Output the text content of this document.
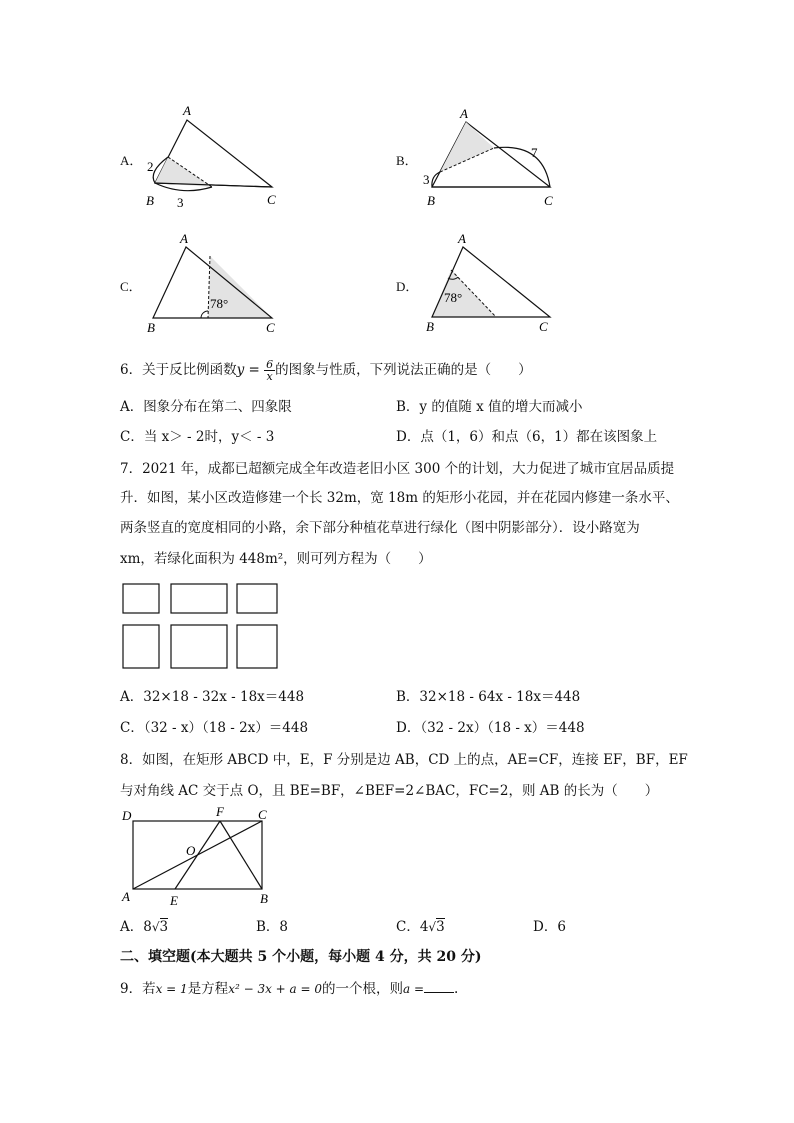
A．
A
B	C
2
3
B．
A
B	C
3
7
C．
A
B	C
78°
D．
A
B	C
78°
6．关于反比例函数$y = \frac{6}{x}$ 的图象与性质，下列说法正确的是（　　）
A．图象分布在第二、四象限	B．y 的值随 x 值的增大而减小
C．当 x＞ - 2时，y＜ - 3	D．点（1，6）和点（6，1）都在该图象上
7．2021 年，成都已超额完成全年改造老旧小区 300 个的计划，大力促进了城市宜居品质提
升．如图，某小区改造修建一个长 32m，宽 18m 的矩形小花园，并在花园内修建一条水平、
两条竖直的宽度相同的小路，余下部分种植花草进行绿化（图中阴影部分）．设小路宽为
xm，若绿化面积为 448m²，则可列方程为（　　）
A．32×18 - 32x - 18x＝448	B．32×18 - 64x - 18x＝448
C．（32 - x）（18 - 2x）＝448	D．（32 - 2x）（18 - x）＝448
8．如图，在矩形 ABCD 中，E，F 分别是边 AB，CD 上的点，AE=CF，连接 EF，BF，EF
与对角线 AC 交于点 O，且 BE=BF，∠BEF=2∠BAC，FC=2，则 AB 的长为（　　）
D	F	C
O
A	E	B
A．8√3	B．8	C．4√3	D．6
二、填空题(本大题共 5 个小题，每小题 4 分，共 20 分)
9．若x = 1是方程x² − 3x + a = 0的一个根，则a = .
